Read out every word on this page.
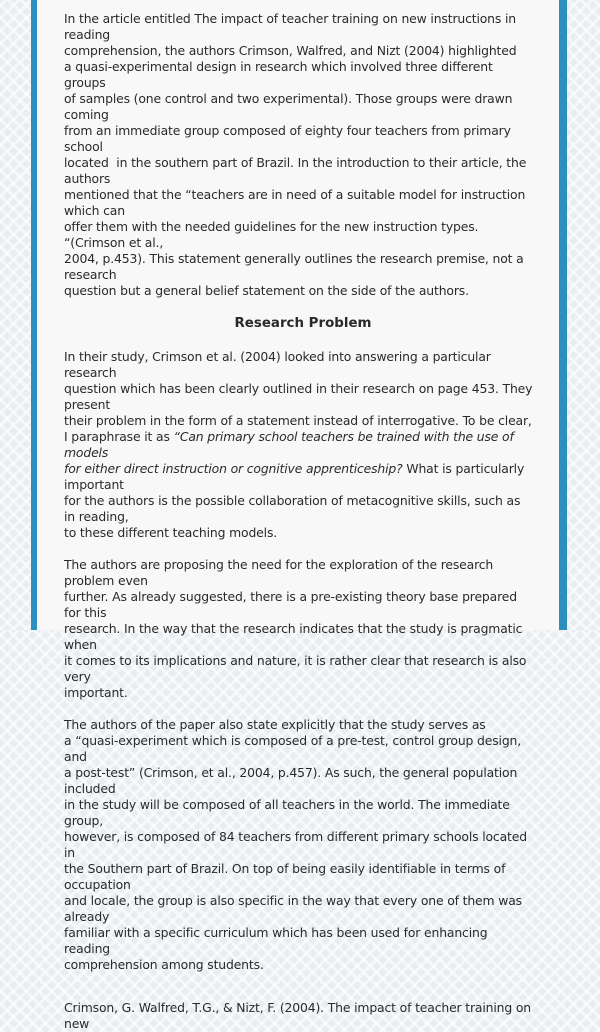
In the article entitled The impact of teacher training on new instructions in reading
comprehension, the authors Crimson, Walfred, and Nizt (2004) highlighted
a quasi-experimental design in research which involved three different groups
of samples (one control and two experimental). Those groups were drawn coming
from an immediate group composed of eighty four teachers from primary school
located  in the southern part of Brazil. In the introduction to their article, the authors
mentioned that the “teachers are in need of a suitable model for instruction which can
offer them with the needed guidelines for the new instruction types. “(Crimson et al.,
2004, p.453). This statement generally outlines the research premise, not a research
question but a general belief statement on the side of the authors.

Research Problem

In their study, Crimson et al. (2004) looked into answering a particular research
question which has been clearly outlined in their research on page 453. They present
their problem in the form of a statement instead of interrogative. To be clear,
I paraphrase it as “Can primary school teachers be trained with the use of models
for either direct instruction or cognitive apprenticeship? What is particularly important
for the authors is the possible collaboration of metacognitive skills, such as in reading,
to these different teaching models.

The authors are proposing the need for the exploration of the research problem even
further. As already suggested, there is a pre-existing theory base prepared for this
research. In the way that the research indicates that the study is pragmatic when
it comes to its implications and nature, it is rather clear that research is also very
important.

The authors of the paper also state explicitly that the study serves as
a “quasi-experiment which is composed of a pre-test, control group design, and
a post-test” (Crimson, et al., 2004, p.457). As such, the general population included
in the study will be composed of all teachers in the world. The immediate group,
however, is composed of 84 teachers from different primary schools located in
the Southern part of Brazil. On top of being easily identifiable in terms of occupation
and locale, the group is also specific in the way that every one of them was already
familiar with a specific curriculum which has been used for enhancing reading
comprehension among students.

Crimson, G. Walfred, T.G., & Nizt, F. (2004). The impact of teacher training on new
